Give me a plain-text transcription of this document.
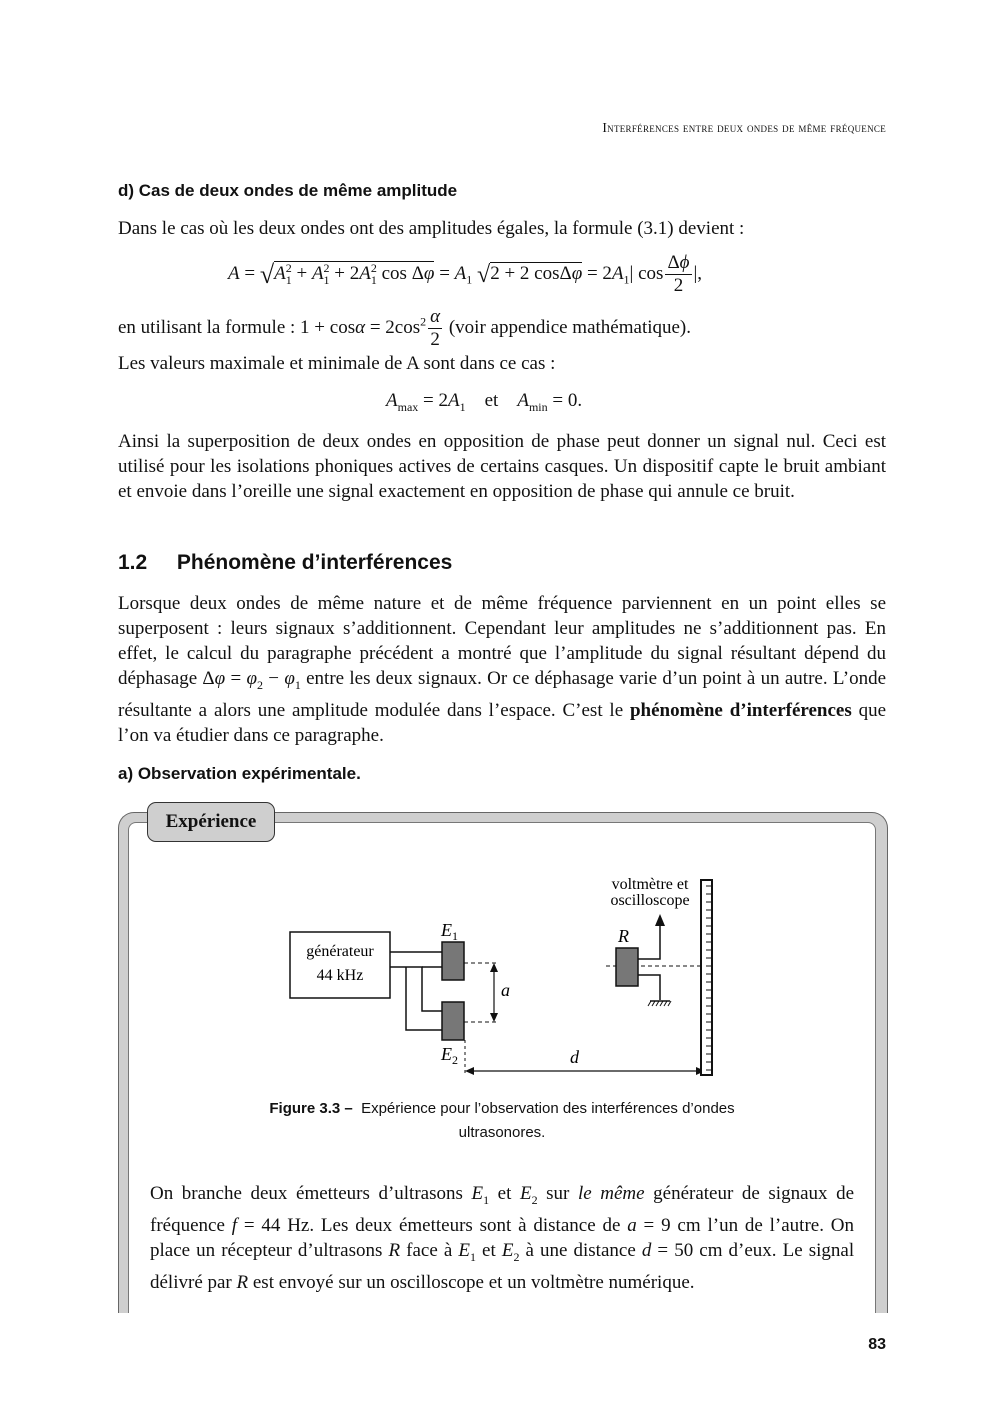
Interférences entre deux ondes de même fréquence
d) Cas de deux ondes de même amplitude
Dans le cas où les deux ondes ont des amplitudes égales, la formule (3.1) devient :
$A = √A_1^2 + A_1^2 + 2A_1^2$ $\cos \Delta\varphi = A_1$ √2 + 2 $\cos\Delta\varphi = 2A_1|$ $\cos \frac{\Delta\phi}{2}$ |,
en utilisant la formule : $1 + \cos\alpha = 2\cos^2 \frac{\alpha}{2}$ (voir appendice mathématique).
Les valeurs maximale et minimale de A sont dans ce cas :
$A_{max} = 2A_1$    et    $A_{min} = 0$.
Ainsi la superposition de deux ondes en opposition de phase peut donner un signal nul. Ceci est utilisé pour les isolations phoniques actives de certains casques. Un dispositif capte le bruit ambiant et envoie dans l’oreille une signal exactement en opposition de phase qui annule ce bruit.
1.2 Phénomène d’interférences
Lorsque deux ondes de même nature et de même fréquence parviennent en un point elles se superposent : leurs signaux s’additionnent. Cependant leur amplitudes ne s’additionnent pas. En effet, le calcul du paragraphe précédent a montré que l’amplitude du signal résultant dépend du déphasage $\Delta\varphi = \varphi_2 - \varphi_1$ entre les deux signaux. Or ce déphasage varie d’un point à un autre. L’onde résultante a alors une amplitude modulée dans l’espace. C’est le phénomène d’interférences que l’on va étudier dans ce paragraphe.
a) Observation expérimentale.
Expérience
générateur
44 kHz
$E_1$
$E_2$
a
d
R
voltmètre et
oscilloscope
Figure 3.3 – Expérience pour l’observation des interférences d’ondes
ultrasonores.
On branche deux émetteurs d’ultrasons $E_1$ et $E_2$ sur le même générateur de signaux de fréquence f = 44 Hz. Les deux émetteurs sont à distance de a = 9 cm l’un de l’autre. On place un récepteur d’ultrasons R face à $E_1$ et $E_2$ à une distance d = 50 cm d’eux. Le signal délivré par R est envoyé sur un oscilloscope et un voltmètre numérique.
83
